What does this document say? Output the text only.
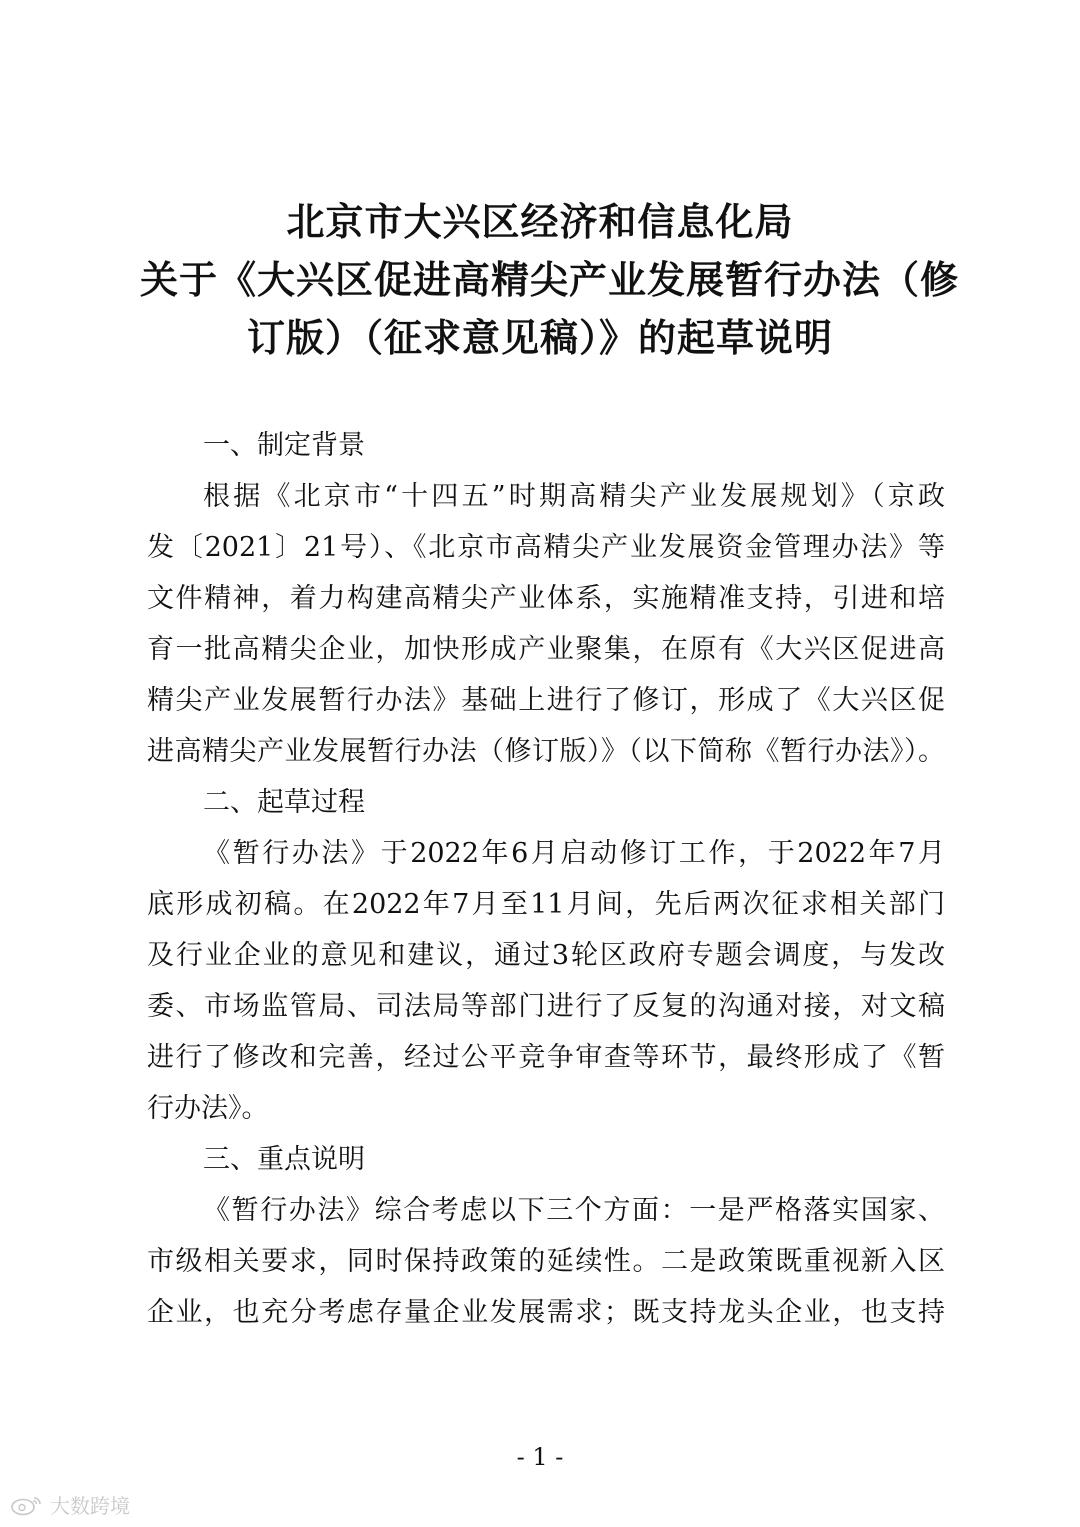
北京市大兴区经济和信息化局
关于《大兴区促进高精尖产业发展暂行办法（修
订版）（征求意见稿）》的起草说明
一、制定背景
根据《北京市“十四五”时期高精尖产业发展规划》（京政
发〔2021〕21号）、《北京市高精尖产业发展资金管理办法》等
文件精神，着力构建高精尖产业体系，实施精准支持，引进和培
育一批高精尖企业，加快形成产业聚集，在原有《大兴区促进高
精尖产业发展暂行办法》基础上进行了修订，形成了《大兴区促
进高精尖产业发展暂行办法（修订版）》（以下简称《暂行办法》）。
二、起草过程
《暂行办法》于2022年6月启动修订工作，于2022年7月
底形成初稿。在2022年7月至11月间，先后两次征求相关部门
及行业企业的意见和建议，通过3轮区政府专题会调度，与发改
委、市场监管局、司法局等部门进行了反复的沟通对接，对文稿
进行了修改和完善，经过公平竞争审查等环节，最终形成了《暂
行办法》。
三、重点说明
《暂行办法》综合考虑以下三个方面：一是严格落实国家、
市级相关要求，同时保持政策的延续性。二是政策既重视新入区
企业，也充分考虑存量企业发展需求；既支持龙头企业，也支持
- 1 -
大数跨境
